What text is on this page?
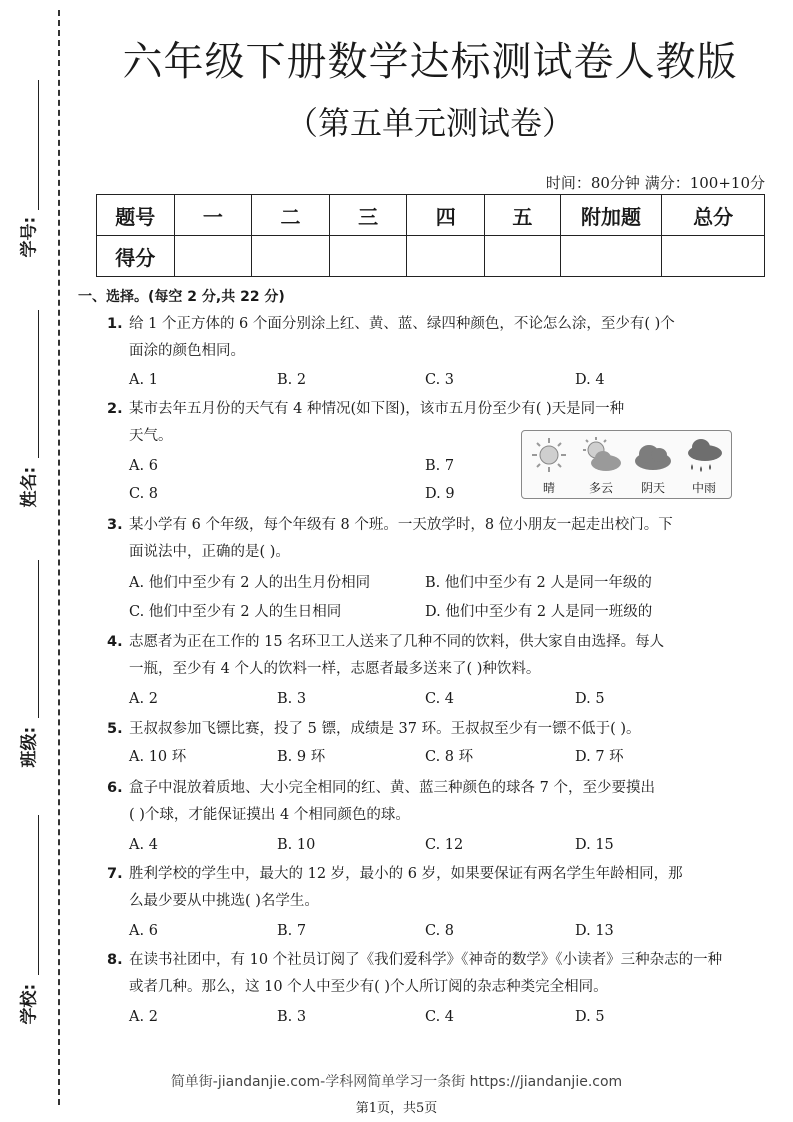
学号:
姓名:
班级:
学校:
六年级下册数学达标测试卷人教版
（第五单元测试卷）
时间：80分钟 满分：100+10分
题号	一	二	三	四	五	附加题	总分
得分							
一、选择。(每空 2 分,共 22 分)
1. 给 1 个正方体的 6 个面分别涂上红、黄、蓝、绿四种颜色，不论怎么涂，至少有( )个
面涂的颜色相同。
A. 1	B. 2	C. 3	D. 4
2. 某市去年五月份的天气有 4 种情况(如下图)，该市五月份至少有( )天是同一种
天气。
A. 6	B. 7
C. 8	D. 9	晴	多云	阴天	中雨
3. 某小学有 6 个年级，每个年级有 8 个班。一天放学时，8 位小朋友一起走出校门。下
面说法中，正确的是( )。
A. 他们中至少有 2 人的出生月份相同	B. 他们中至少有 2 人是同一年级的
C. 他们中至少有 2 人的生日相同	D. 他们中至少有 2 人是同一班级的
4. 志愿者为正在工作的 15 名环卫工人送来了几种不同的饮料，供大家自由选择。每人
一瓶，至少有 4 个人的饮料一样，志愿者最多送来了( )种饮料。
A. 2	B. 3	C. 4	D. 5
5. 王叔叔参加飞镖比赛，投了 5 镖，成绩是 37 环。王叔叔至少有一镖不低于( )。
A. 10 环	B. 9 环	C. 8 环	D. 7 环
6. 盒子中混放着质地、大小完全相同的红、黄、蓝三种颜色的球各 7 个，至少要摸出
( )个球，才能保证摸出 4 个相同颜色的球。
A. 4	B. 10	C. 12	D. 15
7. 胜利学校的学生中，最大的 12 岁，最小的 6 岁，如果要保证有两名学生年龄相同，那
么最少要从中挑选( )名学生。
A. 6	B. 7	C. 8	D. 13
8. 在读书社团中，有 10 个社员订阅了《我们爱科学》《神奇的数学》《小读者》三种杂志的一种
或者几种。那么，这 10 个人中至少有( )个人所订阅的杂志种类完全相同。
A. 2	B. 3	C. 4	D. 5
简单街-jiandanjie.com-学科网简单学习一条街 https://jiandanjie.com
第1页，共5页
